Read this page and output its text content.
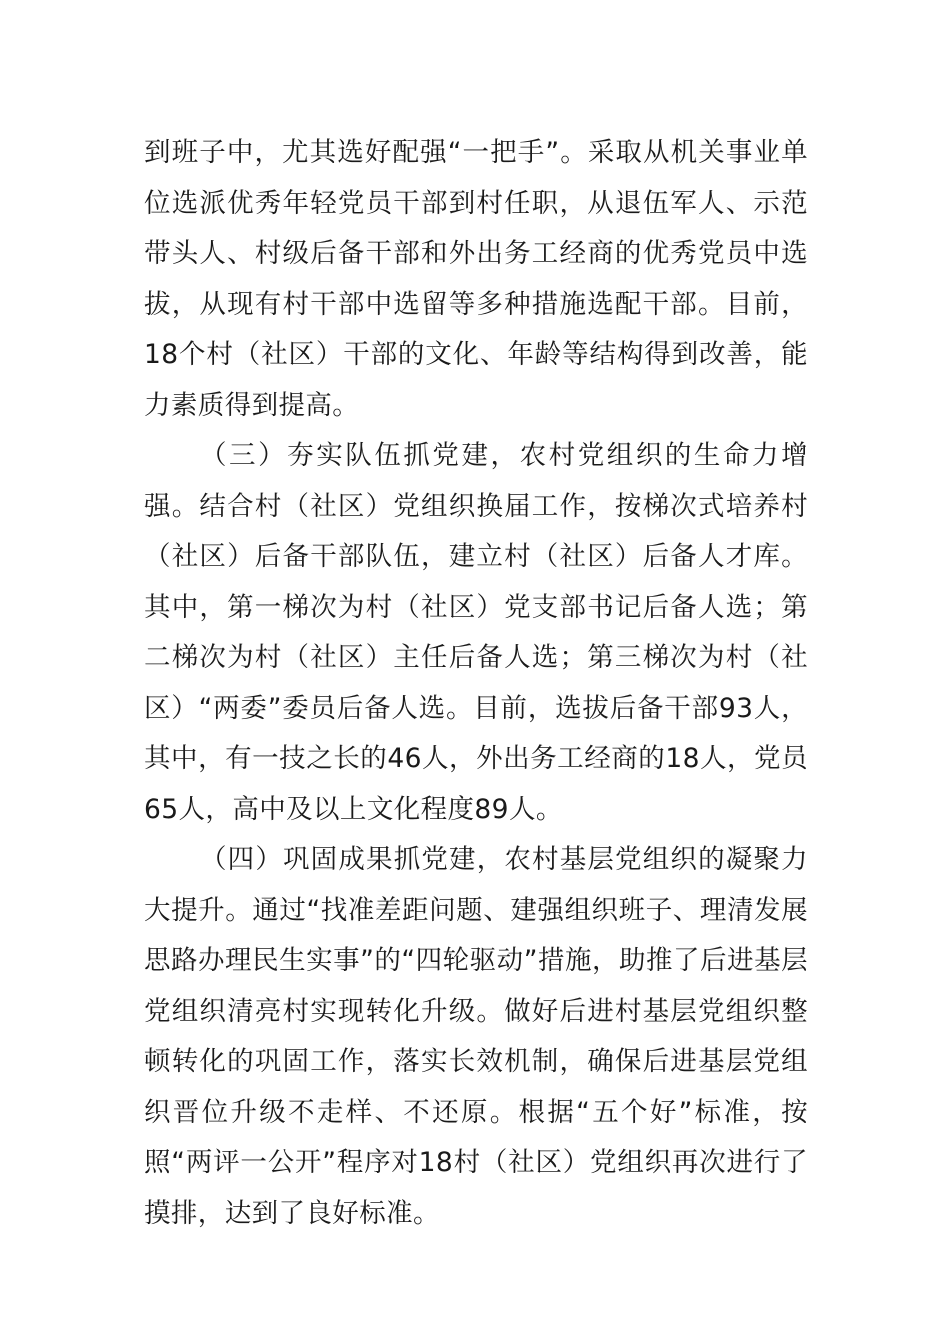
到班子中，尤其选好配强“一把手”。采取从机关事业单位选派优秀年轻党员干部到村任职，从退伍军人、示范带头人、村级后备干部和外出务工经商的优秀党员中选拔，从现有村干部中选留等多种措施选配干部。目前，18个村（社区）干部的文化、年龄等结构得到改善，能力素质得到提高。

（三）夯实队伍抓党建，农村党组织的生命力增强。结合村（社区）党组织换届工作，按梯次式培养村（社区）后备干部队伍，建立村（社区）后备人才库。其中，第一梯次为村（社区）党支部书记后备人选；第二梯次为村（社区）主任后备人选；第三梯次为村（社区）“两委”委员后备人选。目前，选拔后备干部93人，其中，有一技之长的46人，外出务工经商的18人，党员65人，高中及以上文化程度89人。

（四）巩固成果抓党建，农村基层党组织的凝聚力大提升。通过“找准差距问题、建强组织班子、理清发展思路办理民生实事”的“四轮驱动”措施，助推了后进基层党组织清亮村实现转化升级。做好后进村基层党组织整顿转化的巩固工作，落实长效机制，确保后进基层党组织晋位升级不走样、不还原。根据“五个好”标准，按照“两评一公开”程序对18村（社区）党组织再次进行了摸排，达到了良好标准。
